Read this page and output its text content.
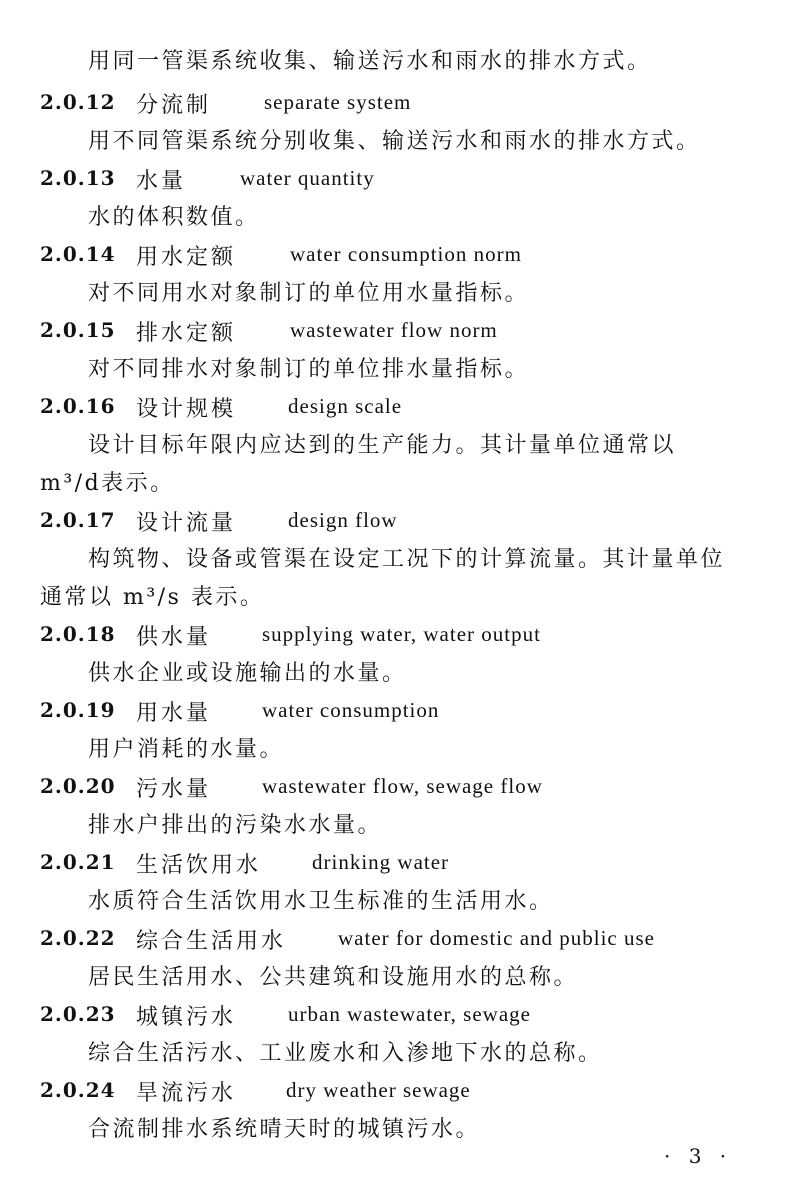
用同一管渠系统收集、输送污水和雨水的排水方式。
2.0.12 分流制	separate system
用不同管渠系统分别收集、输送污水和雨水的排水方式。
2.0.13 水量	water quantity
水的体积数值。
2.0.14 用水定额	water consumption norm
对不同用水对象制订的单位用水量指标。
2.0.15 排水定额	wastewater flow norm
对不同排水对象制订的单位排水量指标。
2.0.16 设计规模 design scale
设计目标年限内应达到的生产能力。其计量单位通常以
m³/d表示。
2.0.17 设计流量 design flow
构筑物、设备或管渠在设定工况下的计算流量。其计量单位
通常以 m³/s 表示。
2.0.18 供水量 supplying water, water output
供水企业或设施输出的水量。
2.0.19 用水量 water consumption
用户消耗的水量。
2.0.20 污水量 wastewater flow, sewage flow
排水户排出的污染水水量。
2.0.21 生活饮用水 drinking water
水质符合生活饮用水卫生标准的生活用水。
2.0.22 综合生活用水 water for domestic and public use
居民生活用水、公共建筑和设施用水的总称。
2.0.23 城镇污水 urban wastewater, sewage
综合生活污水、工业废水和入渗地下水的总称。
2.0.24 旱流污水 dry weather sewage
合流制排水系统晴天时的城镇污水。
· 3 ·
